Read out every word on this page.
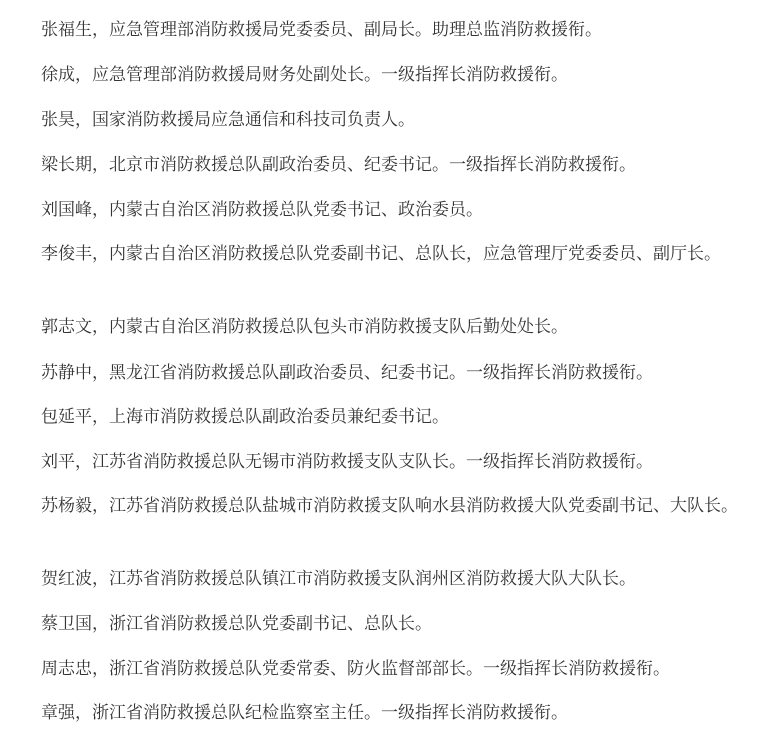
张福生，应急管理部消防救援局党委委员、副局长。助理总监消防救援衔。

徐成，应急管理部消防救援局财务处副处长。一级指挥长消防救援衔。

张昊，国家消防救援局应急通信和科技司负责人。

梁长期，北京市消防救援总队副政治委员、纪委书记。一级指挥长消防救援衔。

刘国峰，内蒙古自治区消防救援总队党委书记、政治委员。

李俊丰，内蒙古自治区消防救援总队党委副书记、总队长，应急管理厅党委委员、副厅长。

郭志文，内蒙古自治区消防救援总队包头市消防救援支队后勤处处长。

苏静中，黑龙江省消防救援总队副政治委员、纪委书记。一级指挥长消防救援衔。

包延平，上海市消防救援总队副政治委员兼纪委书记。

刘平，江苏省消防救援总队无锡市消防救援支队支队长。一级指挥长消防救援衔。

苏杨毅，江苏省消防救援总队盐城市消防救援支队响水县消防救援大队党委副书记、大队长。

贺红波，江苏省消防救援总队镇江市消防救援支队润州区消防救援大队大队长。

蔡卫国，浙江省消防救援总队党委副书记、总队长。

周志忠，浙江省消防救援总队党委常委、防火监督部部长。一级指挥长消防救援衔。

章强，浙江省消防救援总队纪检监察室主任。一级指挥长消防救援衔。
